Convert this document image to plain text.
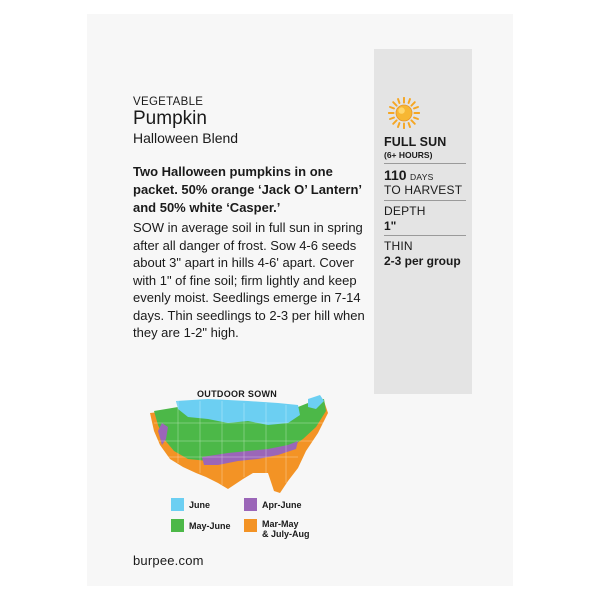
FULL SUN
(6+ HOURS)
110 DAYS
TO HARVEST
DEPTH
1"
THIN
2-3 per group
VEGETABLE
Pumpkin
Halloween Blend
Two Halloween pumpkins in one packet. 50% orange ‘Jack O’ Lantern’ and 50% white ‘Casper.’
SOW in average soil in full sun in spring after all danger of frost. Sow 4-6 seeds about 3" apart in hills 4-6' apart. Cover with 1" of fine soil; firm lightly and keep evenly moist. Seedlings emerge in 7-14 days. Thin seedlings to 2-3 per hill when they are 1-2" high.
OUTDOOR SOWN
June	Apr-June
May-June	Mar-May
& July-Aug
burpee.com
